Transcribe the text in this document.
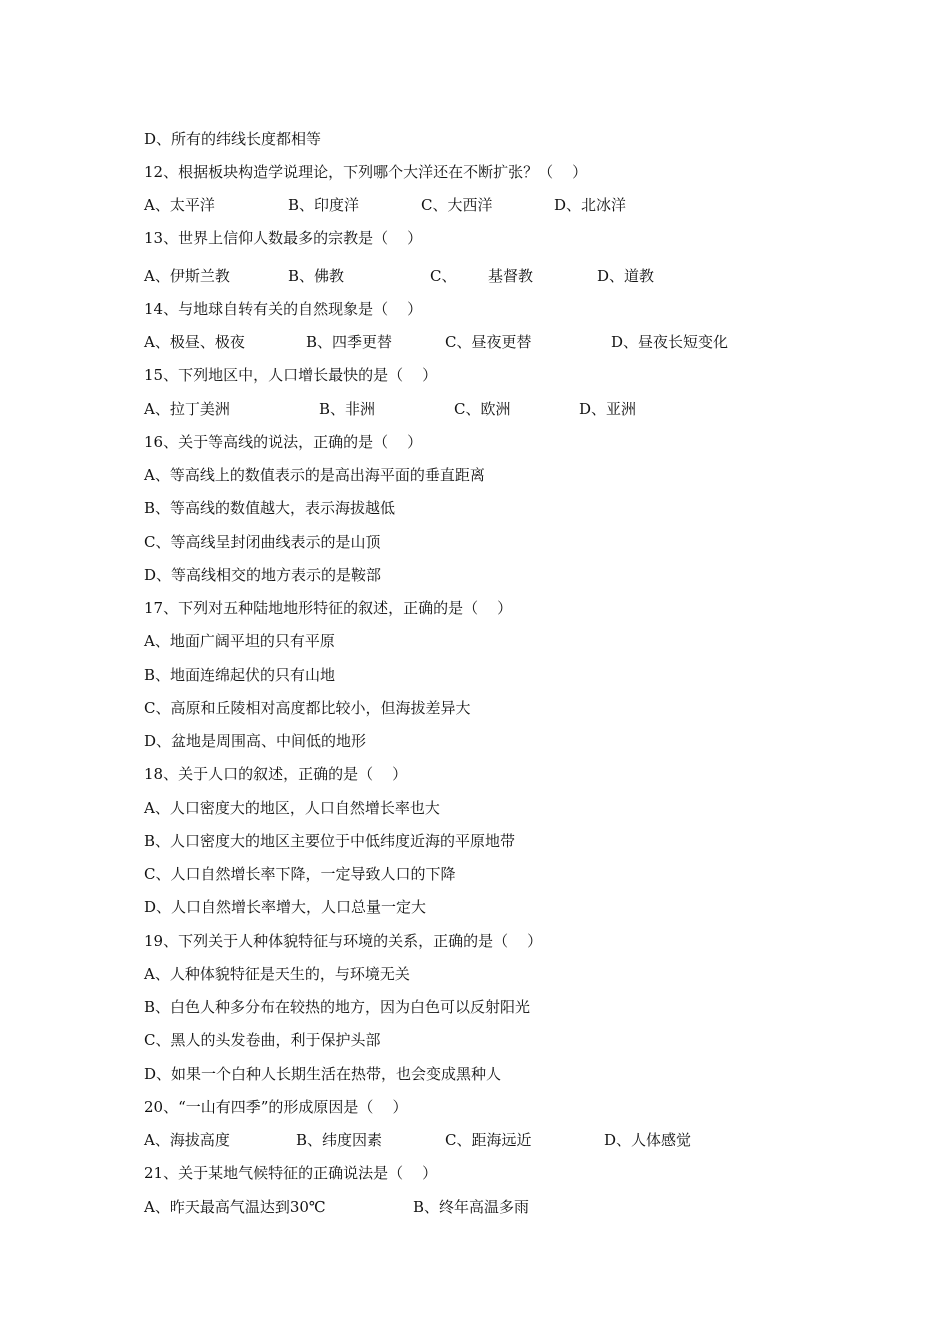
D、所有的纬线长度都相等
12、根据板块构造学说理论，下列哪个大洋还在不断扩张？（    ）
A、太平洋	B、印度洋	C、大西洋	D、北冰洋
13、世界上信仰人数最多的宗教是（    ）
A、伊斯兰教	B、佛教	C、 基督教	D、道教
14、与地球自转有关的自然现象是（    ）
A、极昼、极夜	B、四季更替	C、昼夜更替	D、昼夜长短变化
15、下列地区中，人口增长最快的是（    ）
A、拉丁美洲	B、非洲	C、欧洲	D、亚洲
16、关于等高线的说法，正确的是（    ）
A、等高线上的数值表示的是高出海平面的垂直距离
B、等高线的数值越大，表示海拔越低
C、等高线呈封闭曲线表示的是山顶
D、等高线相交的地方表示的是鞍部
17、下列对五种陆地地形特征的叙述，正确的是（    ）
A、地面广阔平坦的只有平原
B、地面连绵起伏的只有山地
C、高原和丘陵相对高度都比较小，但海拔差异大
D、盆地是周围高、中间低的地形
18、关于人口的叙述，正确的是（    ）
A、人口密度大的地区，人口自然增长率也大
B、人口密度大的地区主要位于中低纬度近海的平原地带
C、人口自然增长率下降，一定导致人口的下降
D、人口自然增长率增大，人口总量一定大
19、下列关于人种体貌特征与环境的关系，正确的是（    ）
A、人种体貌特征是天生的，与环境无关
B、白色人种多分布在较热的地方，因为白色可以反射阳光
C、黑人的头发卷曲，利于保护头部
D、如果一个白种人长期生活在热带，也会变成黑种人
20、“一山有四季”的形成原因是（    ）
A、海拔高度	B、纬度因素	C、距海远近	D、人体感觉
21、关于某地气候特征的正确说法是（    ）
A、昨天最高气温达到30℃	B、终年高温多雨
